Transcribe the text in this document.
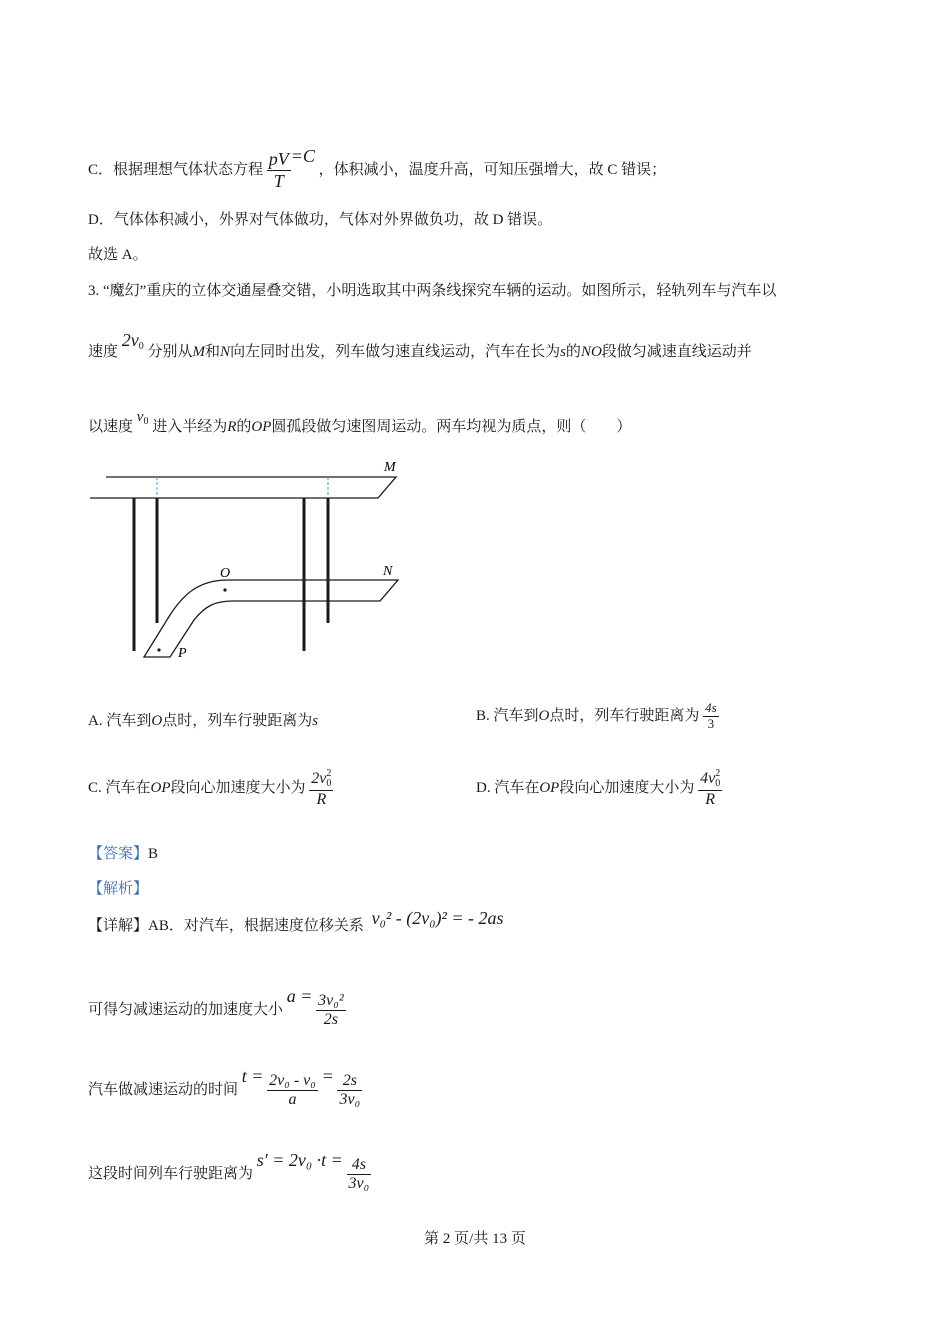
C．根据理想气体状态方程 $\frac{pV}{T} =C$ ，体积减小，温度升高，可知压强增大，故 C 错误；
D．气体体积减小，外界对气体做功，气体对外界做负功，故 D 错误。
故选 A。
3. “魔幻”重庆的立体交通屋叠交错，小明选取其中两条线探究车辆的运动。如图所示，轻轨列车与汽车以
速度 $2v_0$ 分别从M和N向左同时出发，列车做匀速直线运动，汽车在长为s的NO段做匀减速直线运动并
以速度 $v_0$ 进入半经为R的OP圆孤段做匀速图周运动。两车均视为质点，则（　　）
M
N
O
P
A. 汽车到O点时，列车行驶距离为s	B. 汽车到O点时，列车行驶距离为 $\frac{4s}{3}$
C. 汽车在OP段向心加速度大小为 $\frac{2v_0^2}{R}$	D. 汽车在OP段向心加速度大小为 $\frac{4v_0^2}{R}$
【答案】B
【解析】
【详解】AB．对汽车，根据速度位移关系 v₀² - (2v₀)² = - 2as
可得匀减速运动的加速度大小 $a = \frac{\text{3v₀²}}{2s}$
汽车做减速运动的时间 $t = \frac{\text{2v₀ - v₀}}{a} = \frac{2s}{\text{3v₀}}$
这段时间列车行驶距离为 $s' = 2v_0 \cdot t = \frac{4s}{\text{3v₀}}$
第 2 页/共 13 页
